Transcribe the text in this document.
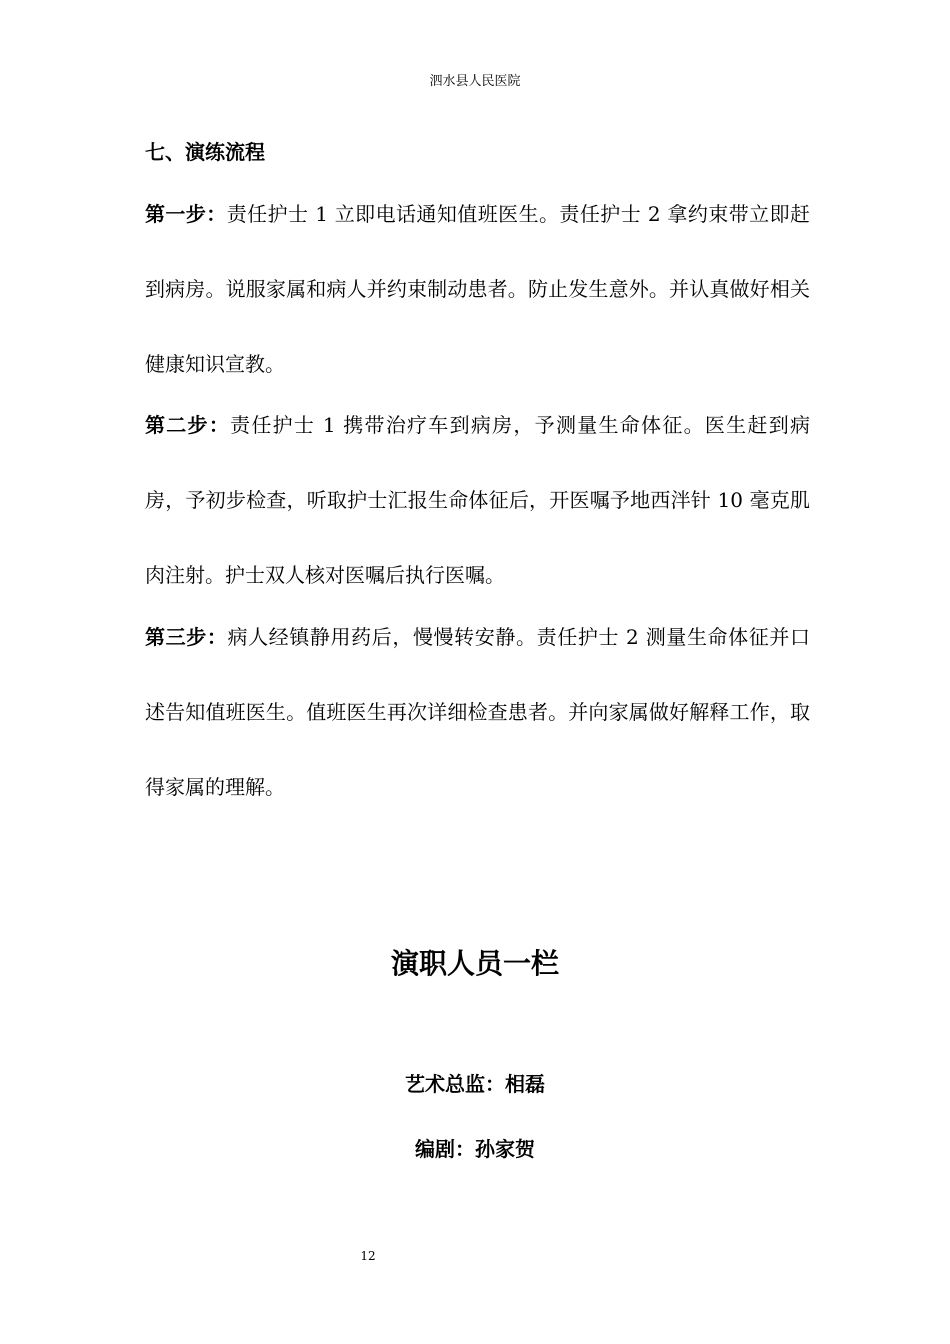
泗水县人民医院
七、演练流程
第一步：责任护士 1 立即电话通知值班医生。责任护士 2 拿约束带立即赶到病房。说服家属和病人并约束制动患者。防止发生意外。并认真做好相关健康知识宣教。
第二步：责任护士 1 携带治疗车到病房，予测量生命体征。医生赶到病房，予初步检查，听取护士汇报生命体征后，开医嘱予地西泮针 10 毫克肌肉注射。护士双人核对医嘱后执行医嘱。
第三步：病人经镇静用药后，慢慢转安静。责任护士 2 测量生命体征并口述告知值班医生。值班医生再次详细检查患者。并向家属做好解释工作，取得家属的理解。
演职人员一栏
艺术总监：相磊
编剧：孙家贺
12
